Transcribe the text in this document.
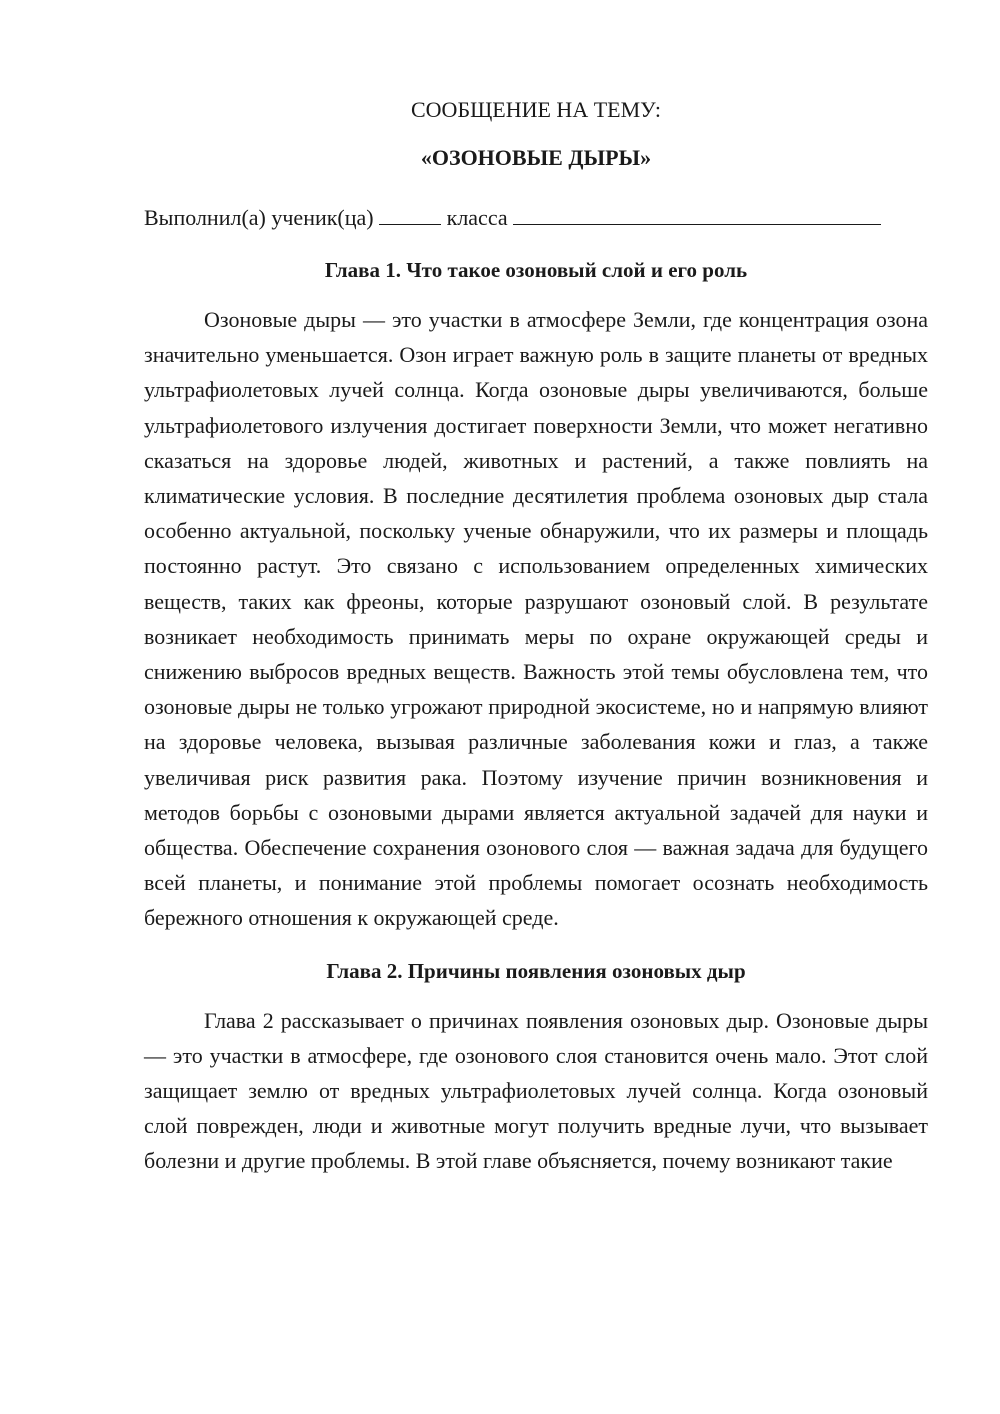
СООБЩЕНИЕ НА ТЕМУ:

«ОЗОНОВЫЕ ДЫРЫ»

Выполнил(а) ученик(ца)	класса

Глава 1. Что такое озоновый слой и его роль

Озоновые дыры — это участки в атмосфере Земли, где концентрация озона значительно уменьшается. Озон играет важную роль в защите планеты от вредных ультрафиолетовых лучей солнца. Когда озоновые дыры увеличиваются, больше ультрафиолетового излучения достигает поверхности Земли, что может негативно сказаться на здоровье людей, животных и растений, а также повлиять на климатические условия. В последние десятилетия проблема озоновых дыр стала особенно актуальной, поскольку ученые обнаружили, что их размеры и площадь постоянно растут. Это связано с использованием определенных химических веществ, таких как фреоны, которые разрушают озоновый слой. В результате возникает необходимость принимать меры по охране окружающей среды и снижению выбросов вредных веществ. Важность этой темы обусловлена тем, что озоновые дыры не только угрожают природной экосистеме, но и напрямую влияют на здоровье человека, вызывая различные заболевания кожи и глаз, а также увеличивая риск развития рака. Поэтому изучение причин возникновения и методов борьбы с озоновыми дырами является актуальной задачей для науки и общества. Обеспечение сохранения озонового слоя — важная задача для будущего всей планеты, и понимание этой проблемы помогает осознать необходимость бережного отношения к окружающей среде.

Глава 2. Причины появления озоновых дыр

Глава 2 рассказывает о причинах появления озоновых дыр. Озоновые дыры — это участки в атмосфере, где озонового слоя становится очень мало. Этот слой защищает землю от вредных ультрафиолетовых лучей солнца. Когда озоновый слой поврежден, люди и животные могут получить вредные лучи, что вызывает болезни и другие проблемы. В этой главе объясняется, почему возникают такие
